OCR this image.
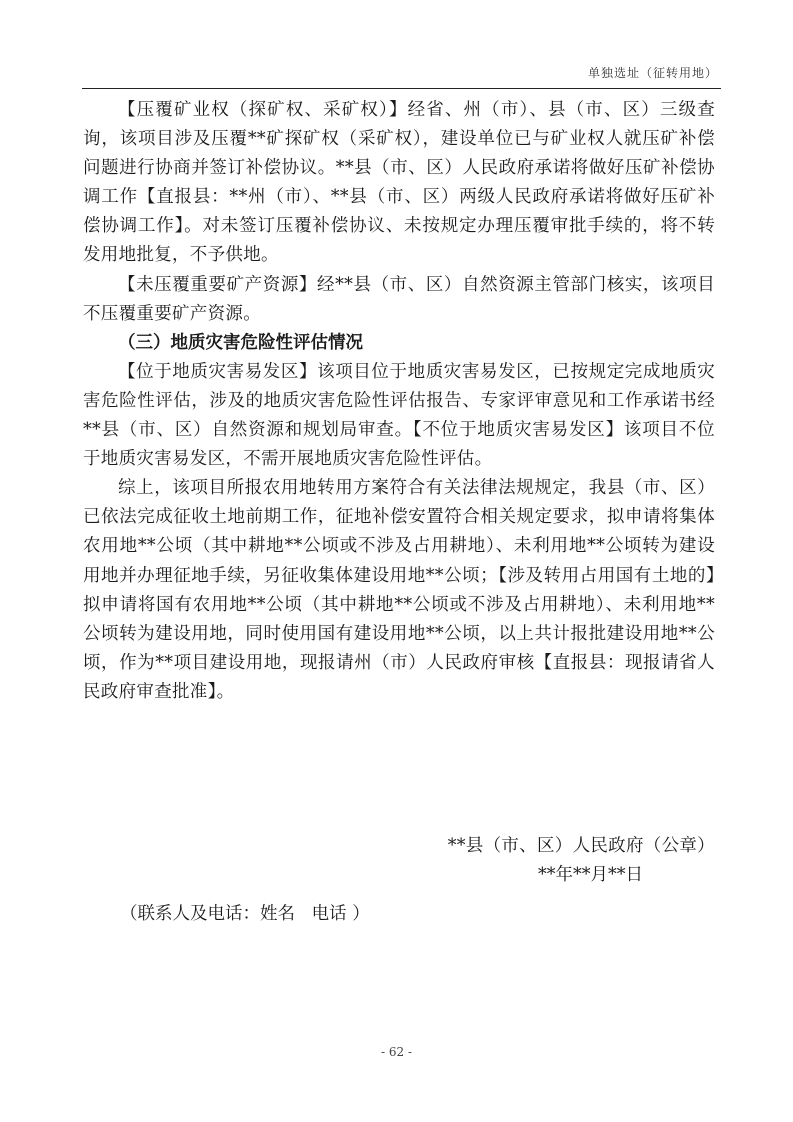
单独选址（征转用地）

【压覆矿业权（探矿权、采矿权）】经省、州（市）、县（市、区）三级查询，该项目涉及压覆**矿探矿权（采矿权），建设单位已与矿业权人就压矿补偿问题进行协商并签订补偿协议。**县（市、区）人民政府承诺将做好压矿补偿协调工作【直报县：**州（市）、**县（市、区）两级人民政府承诺将做好压矿补偿协调工作】。对未签订压覆补偿协议、未按规定办理压覆审批手续的，将不转发用地批复，不予供地。

【未压覆重要矿产资源】经**县（市、区）自然资源主管部门核实，该项目不压覆重要矿产资源。

（三）地质灾害危险性评估情况

【位于地质灾害易发区】该项目位于地质灾害易发区，已按规定完成地质灾害危险性评估，涉及的地质灾害危险性评估报告、专家评审意见和工作承诺书经**县（市、区）自然资源和规划局审查。【不位于地质灾害易发区】该项目不位于地质灾害易发区，不需开展地质灾害危险性评估。

综上，该项目所报农用地转用方案符合有关法律法规规定，我县（市、区）已依法完成征收土地前期工作，征地补偿安置符合相关规定要求，拟申请将集体农用地**公顷（其中耕地**公顷或不涉及占用耕地）、未利用地**公顷转为建设用地并办理征地手续，另征收集体建设用地**公顷；【涉及转用占用国有土地的】拟申请将国有农用地**公顷（其中耕地**公顷或不涉及占用耕地）、未利用地**公顷转为建设用地，同时使用国有建设用地**公顷，以上共计报批建设用地**公顷，作为**项目建设用地，现报请州（市）人民政府审核【直报县：现报请省人民政府审查批准】。

**县（市、区）人民政府（公章）
**年**月**日
（联系人及电话：姓名   电话 ）
- 62 -
